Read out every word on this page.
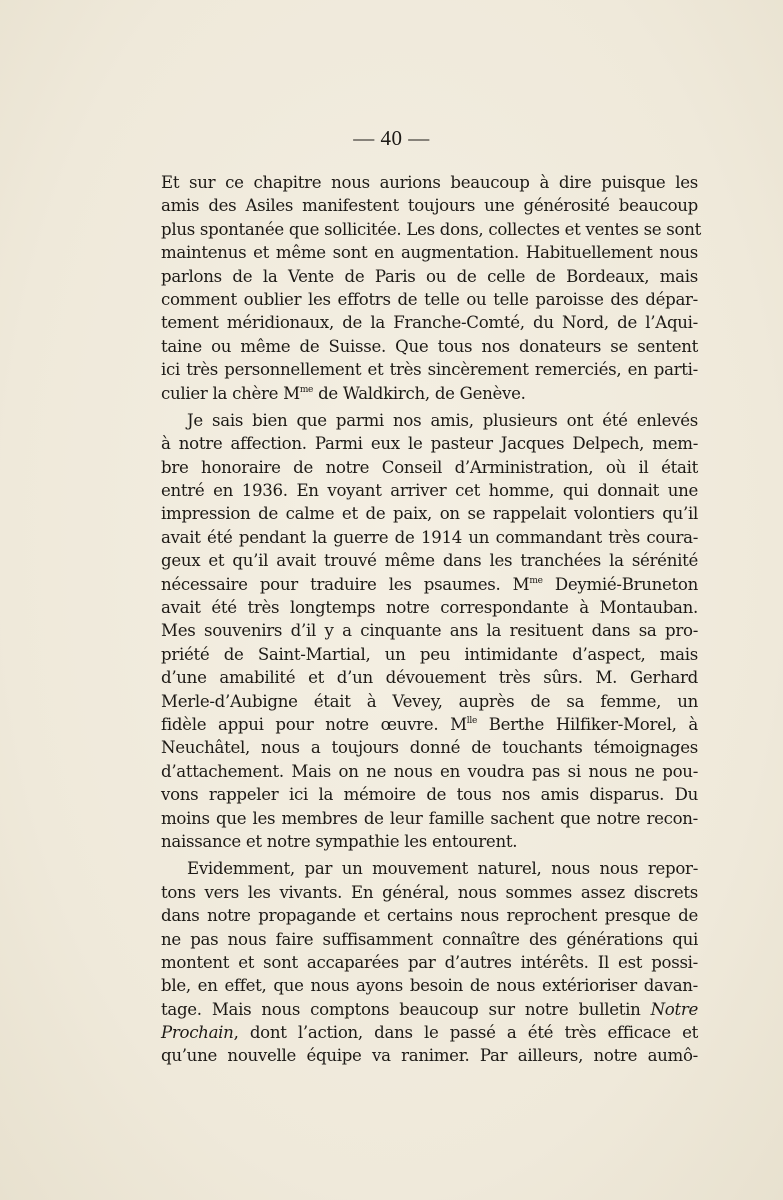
— 40 —
Et sur ce chapitre nous aurions beaucoup à dire puisque les
amis des Asiles manifestent toujours une générosité beaucoup
plus spontanée que sollicitée. Les dons, collectes et ventes se sont
maintenus et même sont en augmentation. Habituellement nous
parlons de la Vente de Paris ou de celle de Bordeaux, mais
comment oublier les effotrs de telle ou telle paroisse des dépar-
tement méridionaux, de la Franche-Comté, du Nord, de l’Aqui-
taine ou même de Suisse. Que tous nos donateurs se sentent
ici très personnellement et très sincèrement remerciés, en parti-
culier la chère $M^{me}$ de Waldkirch, de Genève.
Je sais bien que parmi nos amis, plusieurs ont été enlevés
à notre affection. Parmi eux le pasteur Jacques Delpech, mem-
bre honoraire de notre Conseil d’Arministration, où il était
entré en 1936. En voyant arriver cet homme, qui donnait une
impression de calme et de paix, on se rappelait volontiers qu’il
avait été pendant la guerre de 1914 un commandant très coura-
geux et qu’il avait trouvé même dans les tranchées la sérénité
nécessaire pour traduire les psaumes. $M^{me}$ Deymié-Bruneton
avait été très longtemps notre correspondante à Montauban.
Mes souvenirs d’il y a cinquante ans la resituent dans sa pro-
priété de Saint-Martial, un peu intimidante d’aspect, mais
d’une amabilité et d’un dévouement très sûrs. M. Gerhard
Merle-d’Aubigne était à Vevey, auprès de sa femme, un
fidèle appui pour notre œuvre. $M^{lle}$ Berthe Hilfiker-Morel, à
Neuchâtel, nous a toujours donné de touchants témoignages
d’attachement. Mais on ne nous en voudra pas si nous ne pou-
vons rappeler ici la mémoire de tous nos amis disparus. Du
moins que les membres de leur famille sachent que notre recon-
naissance et notre sympathie les entourent.
Evidemment, par un mouvement naturel, nous nous repor-
tons vers les vivants. En général, nous sommes assez discrets
dans notre propagande et certains nous reprochent presque de
ne pas nous faire suffisamment connaître des générations qui
montent et sont accaparées par d’autres intérêts. Il est possi-
ble, en effet, que nous ayons besoin de nous extérioriser davan-
tage. Mais nous comptons beaucoup sur notre bulletin Notre
Prochain, dont l’action, dans le passé a été très efficace et
qu’une nouvelle équipe va ranimer. Par ailleurs, notre aumô-
